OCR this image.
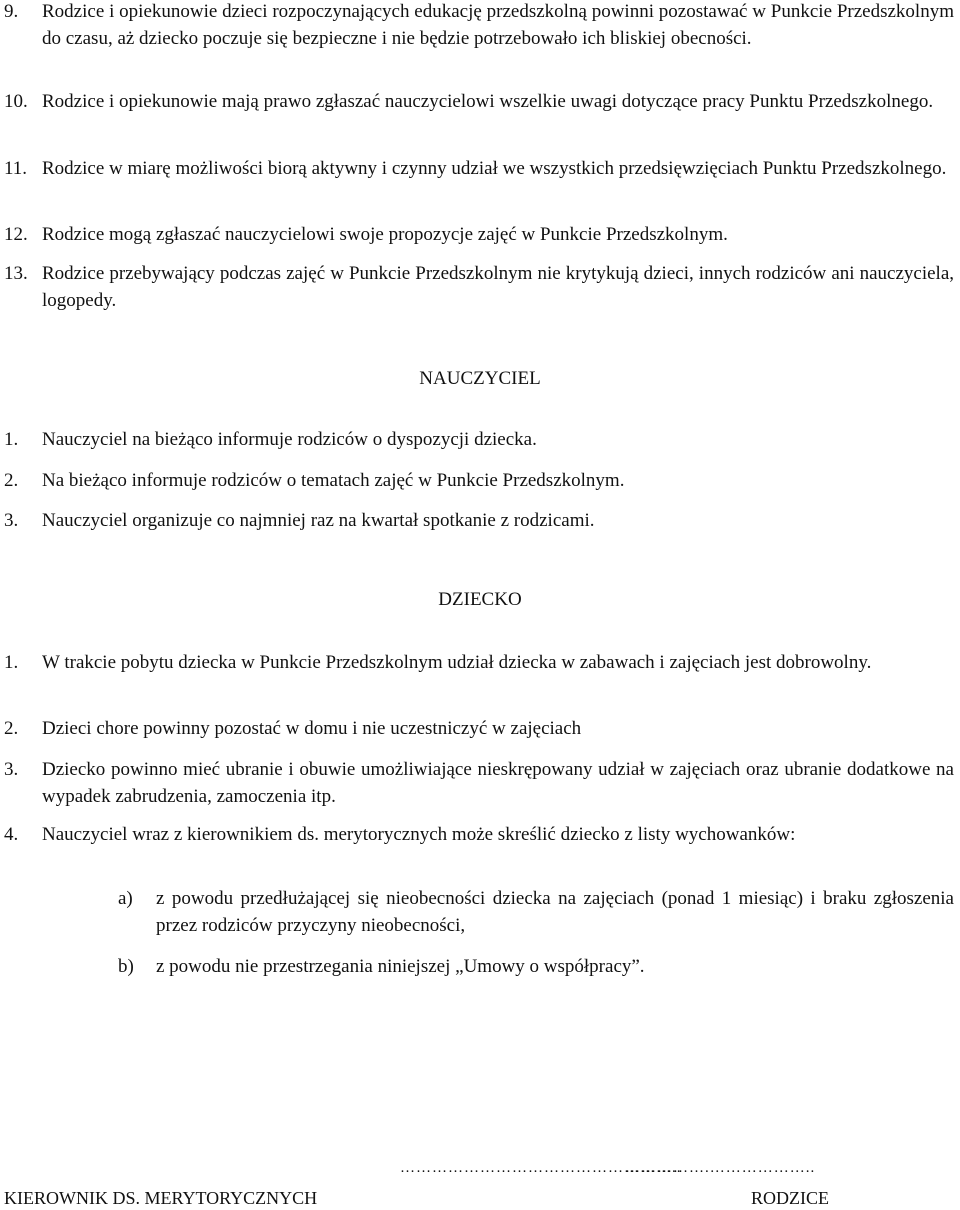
9.	Rodzice i opiekunowie dzieci rozpoczynających edukację przedszkolną powinni pozostawać w Punkcie Przedszkolnym do czasu, aż dziecko poczuje się bezpieczne i nie będzie potrzebowało ich bliskiej obecności.
10. Rodzice i opiekunowie mają prawo zgłaszać nauczycielowi wszelkie uwagi dotyczące pracy Punktu Przedszkolnego.
11. Rodzice w miarę możliwości biorą aktywny i czynny udział we wszystkich przedsięwzięciach Punktu Przedszkolnego.
12. Rodzice mogą zgłaszać nauczycielowi swoje propozycje zajęć w Punkcie Przedszkolnym.
13. Rodzice przebywający podczas zajęć w Punkcie Przedszkolnym nie krytykują dzieci, innych rodziców ani nauczyciela, logopedy.
NAUCZYCIEL
1.	Nauczyciel na bieżąco informuje rodziców o dyspozycji dziecka.
2.	Na bieżąco informuje rodziców o tematach zajęć w Punkcie Przedszkolnym.
3.	Nauczyciel organizuje co najmniej raz na kwartał spotkanie z rodzicami.
DZIECKO
1.	W trakcie pobytu dziecka w Punkcie Przedszkolnym udział dziecka w zabawach i zajęciach jest dobrowolny.
2.	Dzieci chore powinny pozostać w domu i nie uczestniczyć w zajęciach
3.	Dziecko powinno mieć ubranie i obuwie umożliwiające nieskrępowany udział w zajęciach oraz ubranie dodatkowe na wypadek zabrudzenia, zamoczenia itp.
4.	Nauczyciel wraz z kierownikiem ds. merytorycznych może skreślić dziecko z listy wychowanków:
a)	z powodu przedłużającej się nieobecności dziecka na zajęciach (ponad 1 miesiąc) i braku zgłoszenia przez rodziców przyczyny nieobecności,
b)	z powodu nie przestrzegania niniejszej „Umowy o współpracy”.
……………………………………………..
KIEROWNIK DS. MERYTORYCZNYCH
…………….………………..
RODZICE
